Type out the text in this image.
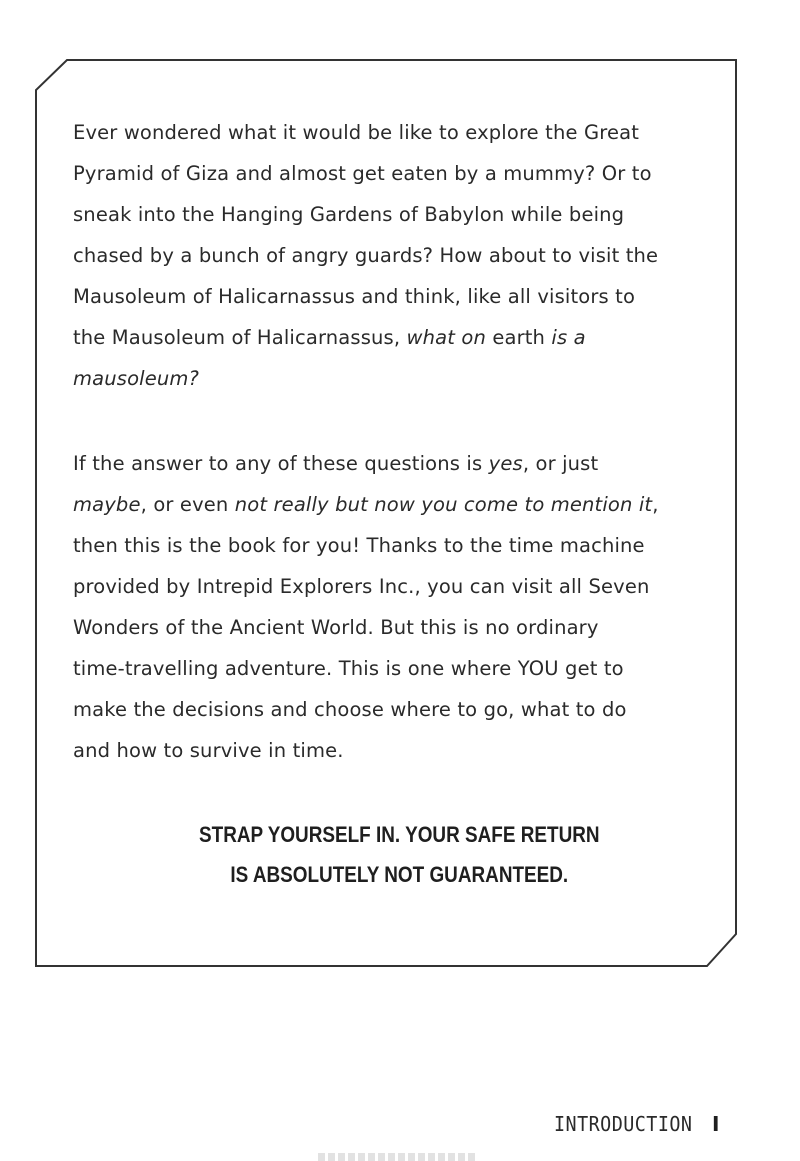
Ever wondered what it would be like to explore the Great
Pyramid of Giza and almost get eaten by a mummy? Or to
sneak into the Hanging Gardens of Babylon while being
chased by a bunch of angry guards? How about to visit the
Mausoleum of Halicarnassus and think, like all visitors to
the Mausoleum of Halicarnassus, what on earth is a
mausoleum?
If the answer to any of these questions is yes, or just
maybe, or even not really but now you come to mention it,
then this is the book for you! Thanks to the time machine
provided by Intrepid Explorers Inc., you can visit all Seven
Wonders of the Ancient World. But this is no ordinary
time-travelling adventure. This is one where YOU get to
make the decisions and choose where to go, what to do
and how to survive in time.
STRAP YOURSELF IN. YOUR SAFE RETURN
IS ABSOLUTELY NOT GUARANTEED.
INTRODUCTION I
